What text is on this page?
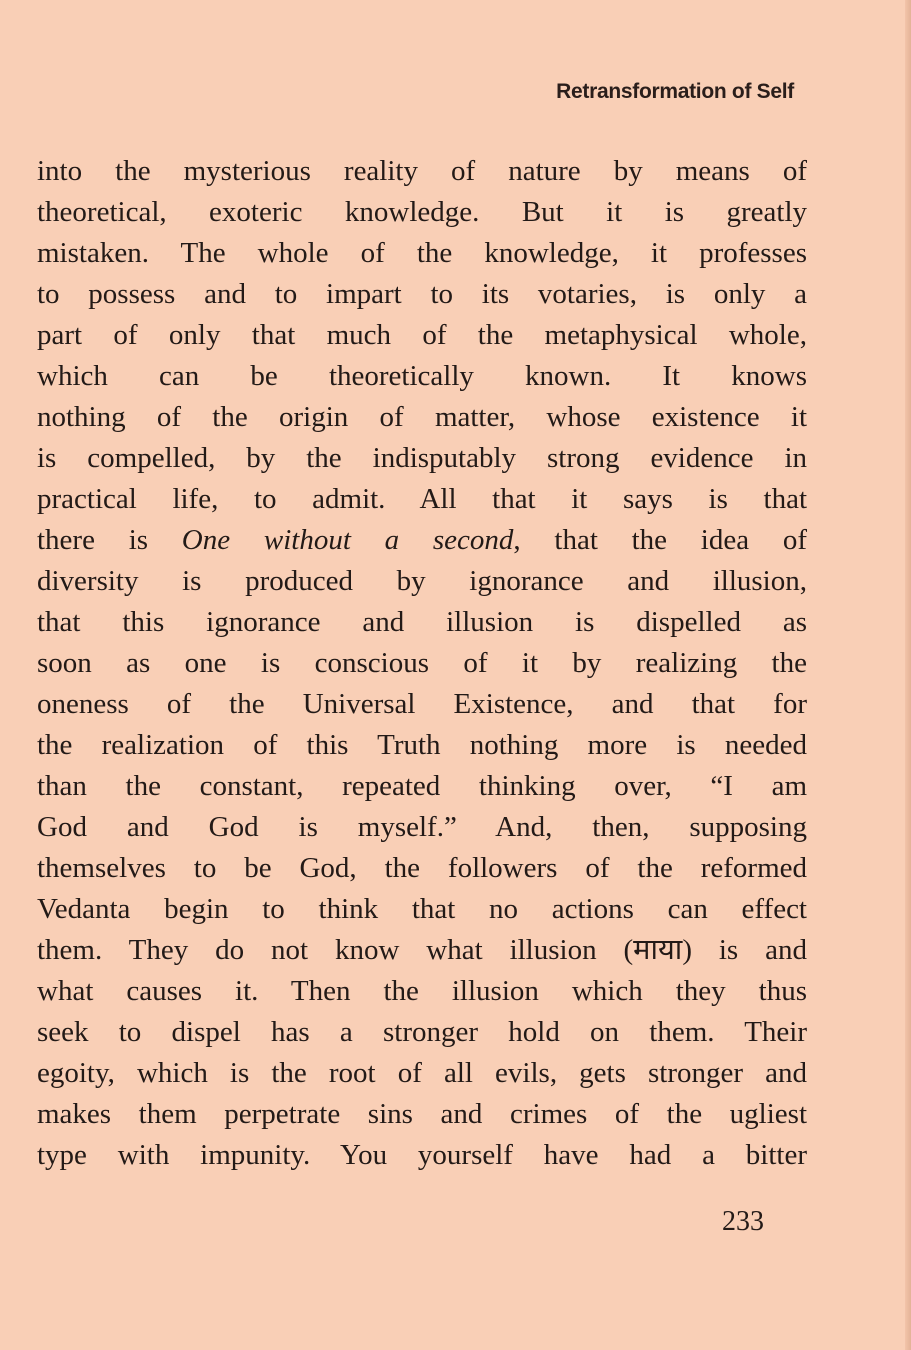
Retransformation of Self
into the mysterious reality of nature by means of
theoretical, exoteric knowledge. But it is greatly
mistaken. The whole of the knowledge, it professes
to possess and to impart to its votaries, is only a
part of only that much of the metaphysical whole,
which can be theoretically known. It knows
nothing of the origin of matter, whose existence it
is compelled, by the indisputably strong evidence in
practical life, to admit. All that it says is that
there is One without a second, that the idea of
diversity is produced by ignorance and illusion,
that this ignorance and illusion is dispelled as
soon as one is conscious of it by realizing the
oneness of the Universal Existence, and that for
the realization of this Truth nothing more is needed
than the constant, repeated thinking over, “I am
God and God is myself.” And, then, supposing
themselves to be God, the followers of the reformed
Vedanta begin to think that no actions can effect
them. They do not know what illusion (माया) is and
what causes it. Then the illusion which they thus
seek to dispel has a stronger hold on them. Their
egoity, which is the root of all evils, gets stronger and
makes them perpetrate sins and crimes of the ugliest
type with impunity. You yourself have had a bitter
233
